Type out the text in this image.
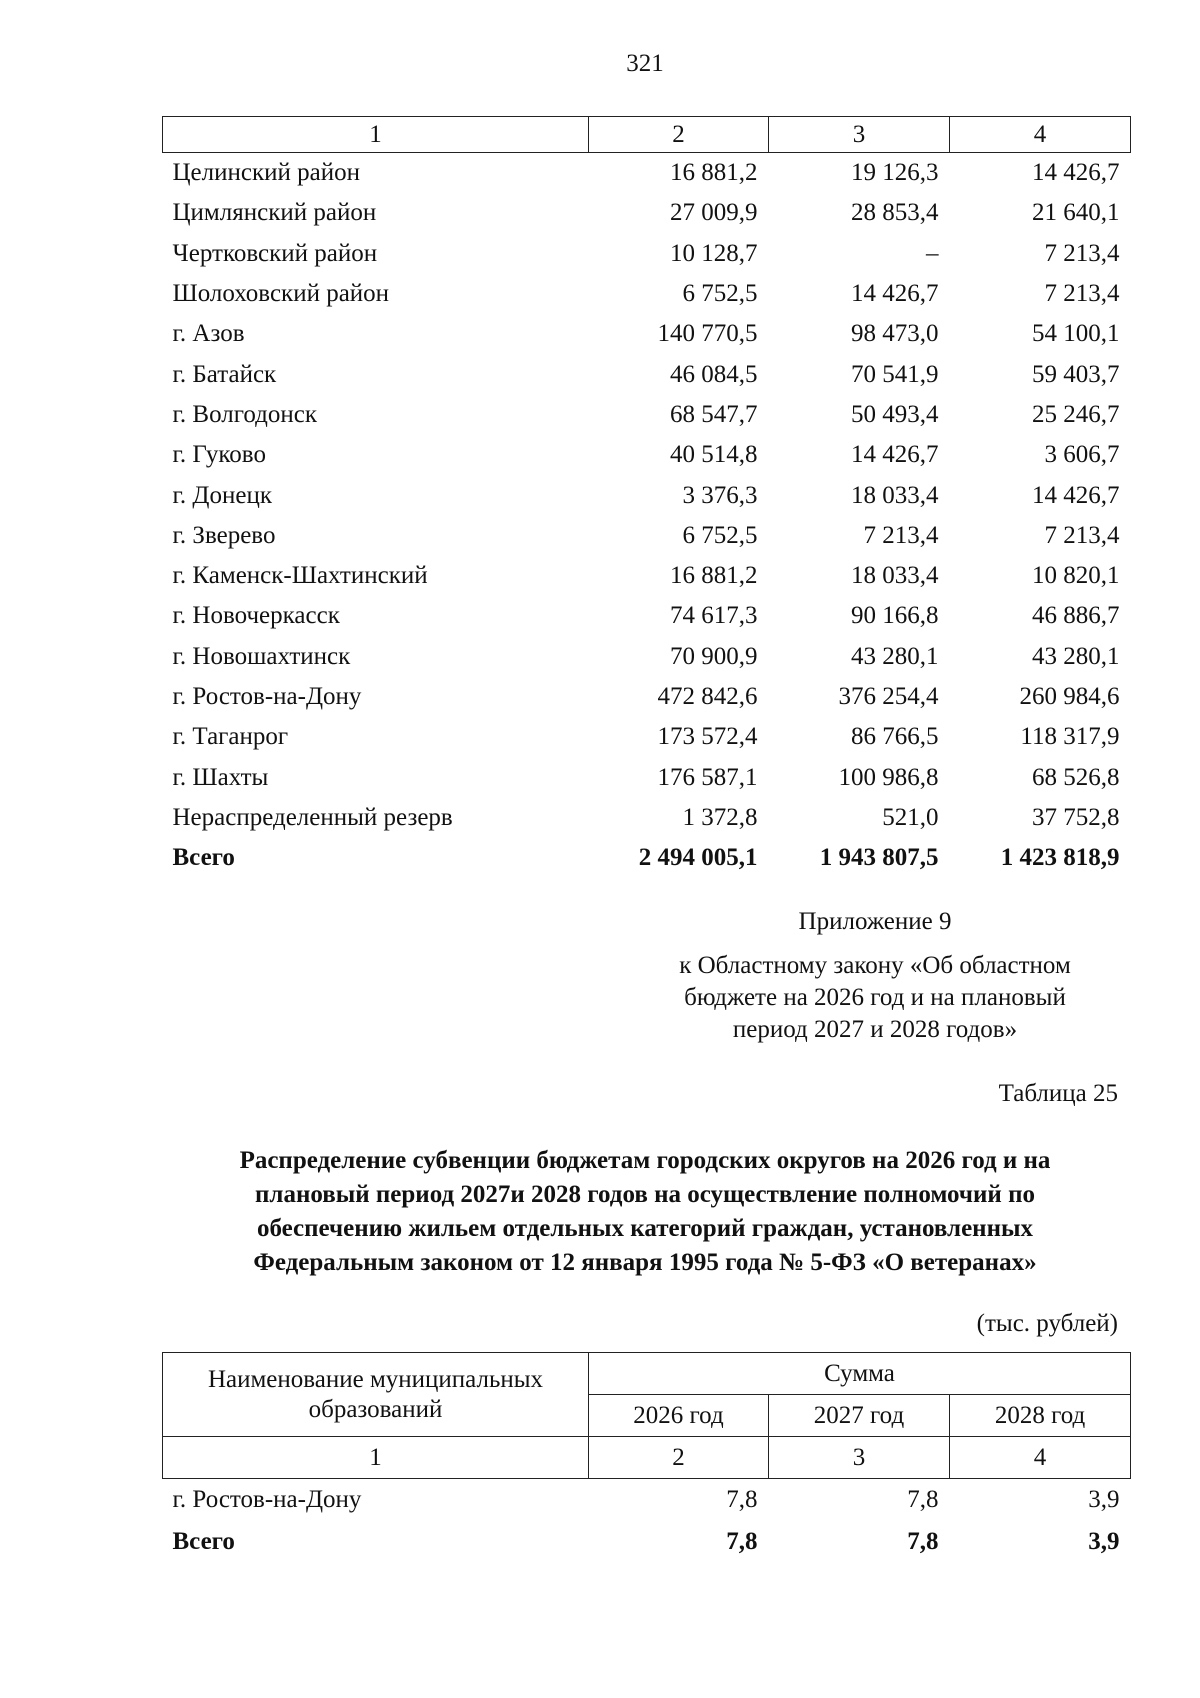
321
1	2	3	4
Целинский район	16 881,2	19 126,3	14 426,7
Цимлянский район	27 009,9	28 853,4	21 640,1
Чертковский район	10 128,7	–	7 213,4
Шолоховский район	6 752,5	14 426,7	7 213,4
г. Азов	140 770,5	98 473,0	54 100,1
г. Батайск	46 084,5	70 541,9	59 403,7
г. Волгодонск	68 547,7	50 493,4	25 246,7
г. Гуково	40 514,8	14 426,7	3 606,7
г. Донецк	3 376,3	18 033,4	14 426,7
г. Зверево	6 752,5	7 213,4	7 213,4
г. Каменск-Шахтинский	16 881,2	18 033,4	10 820,1
г. Новочеркасск	74 617,3	90 166,8	46 886,7
г. Новошахтинск	70 900,9	43 280,1	43 280,1
г. Ростов-на-Дону	472 842,6	376 254,4	260 984,6
г. Таганрог	173 572,4	86 766,5	118 317,9
г. Шахты	176 587,1	100 986,8	68 526,8
Нераспределенный резерв	1 372,8	521,0	37 752,8
Всего	2 494 005,1	1 943 807,5	1 423 818,9
Приложение 9
к Областному закону «Об областном
бюджете на 2026 год и на плановый
период 2027 и 2028 годов»
Таблица 25
Распределение субвенции бюджетам городских округов на 2026 год и на
плановый период 2027и 2028 годов на осуществление полномочий по
обеспечению жильем отдельных категорий граждан, установленных
Федеральным законом от 12 января 1995 года № 5-ФЗ «О ветеранах»
(тыс. рублей)
Наименование муниципальных
образований	Сумма		
	2026 год	2027 год	2028 год
1	2	3	4
г. Ростов-на-Дону	7,8	7,8	3,9
Всего	7,8	7,8	3,9
